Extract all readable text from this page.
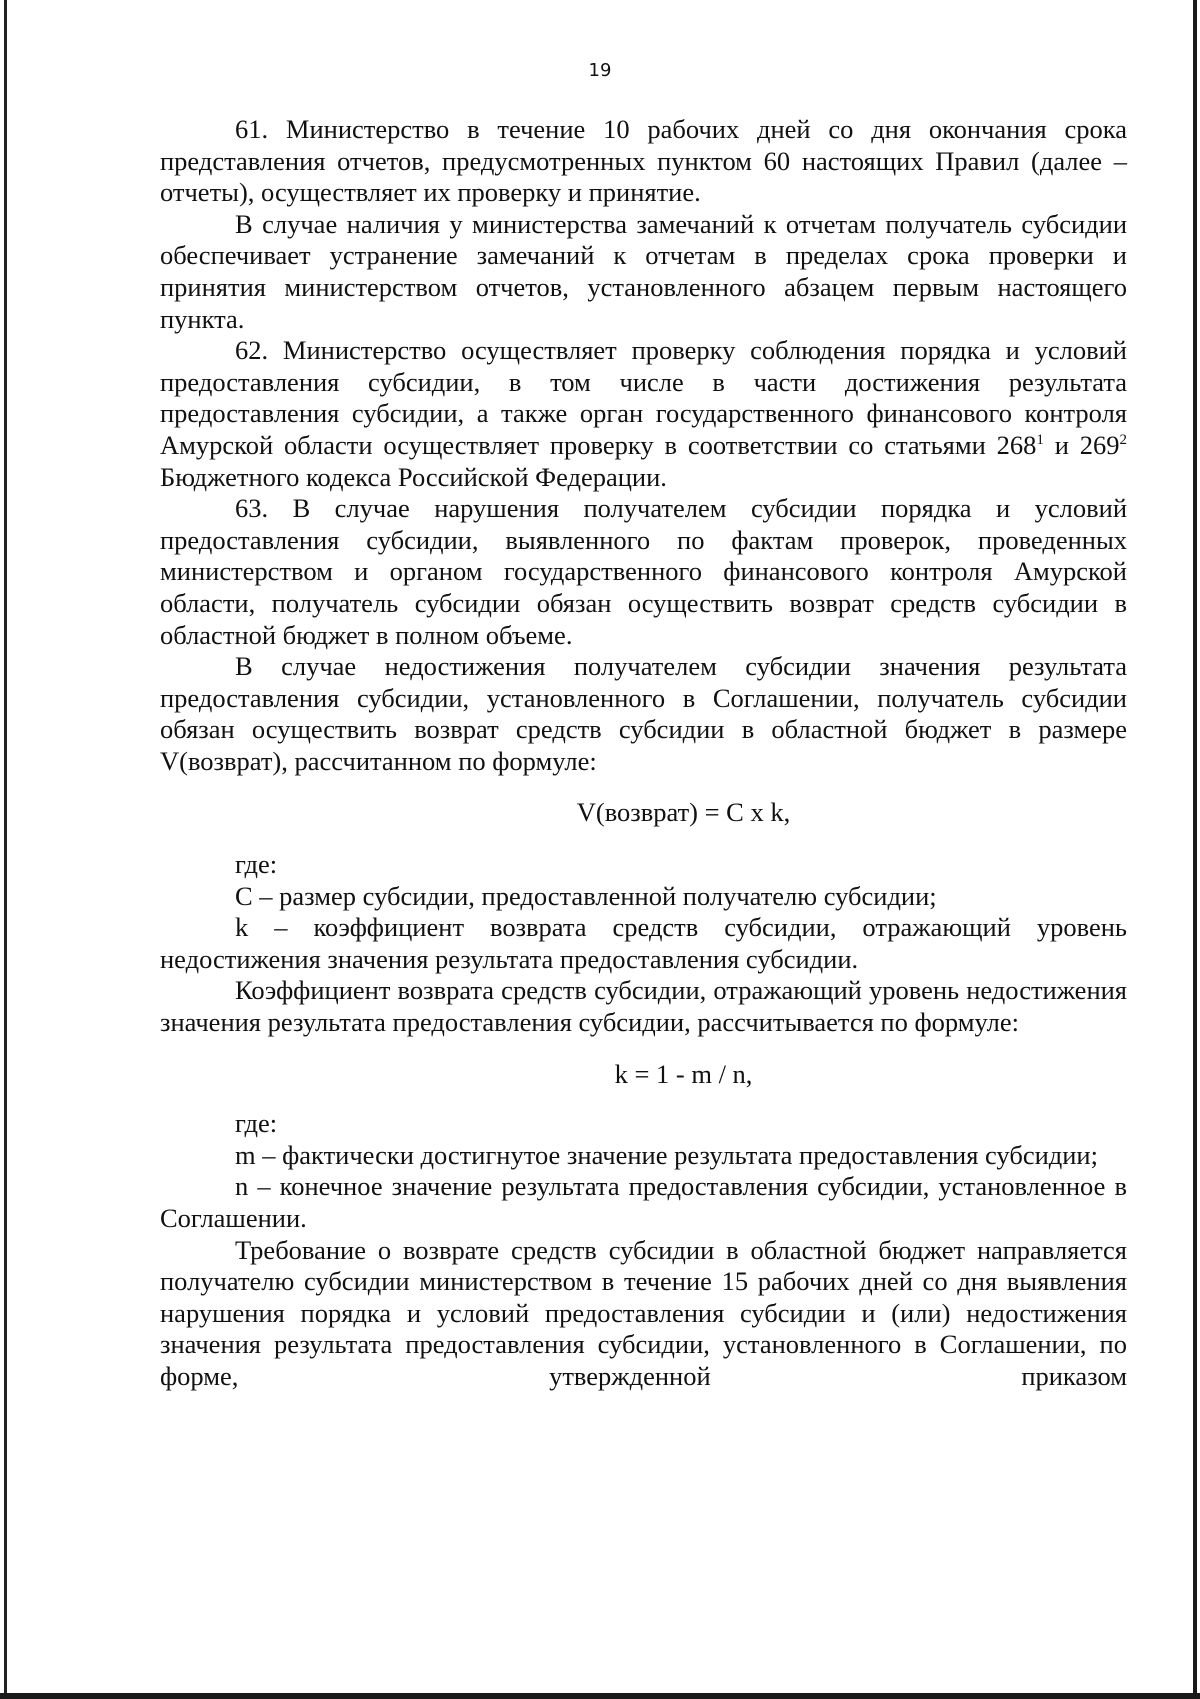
19

61. Министерство в течение 10 рабочих дней со дня окончания срока представления отчетов, предусмотренных пунктом 60 настоящих Правил (далее – отчеты), осуществляет их проверку и принятие.

В случае наличия у министерства замечаний к отчетам получатель субсидии обеспечивает устранение замечаний к отчетам в пределах срока проверки и принятия министерством отчетов, установленного абзацем первым настоящего пункта.

62. Министерство осуществляет проверку соблюдения порядка и условий предоставления субсидии, в том числе в части достижения результата предоставления субсидии, а также орган государственного финансового контроля Амурской области осуществляет проверку в соответствии со статьями $268^1$ и $269^2$ Бюджетного кодекса Российской Федерации.

63. В случае нарушения получателем субсидии порядка и условий предоставления субсидии, выявленного по фактам проверок, проведенных министерством и органом государственного финансового контроля Амурской области, получатель субсидии обязан осуществить возврат средств субсидии в областной бюджет в полном объеме.

В случае недостижения получателем субсидии значения результата предоставления субсидии, установленного в Соглашении, получатель субсидии обязан осуществить возврат средств субсидии в областной бюджет в размере V(возврат), рассчитанном по формуле:

V(возврат) = C x k,

где:

C – размер субсидии, предоставленной получателю субсидии;

k – коэффициент возврата средств субсидии, отражающий уровень недостижения значения результата предоставления субсидии.

Коэффициент возврата средств субсидии, отражающий уровень недостижения значения результата предоставления субсидии, рассчитывается по формуле:

k = 1 - m / n,

где:

m – фактически достигнутое значение результата предоставления субсидии;

n – конечное значение результата предоставления субсидии, установленное в Соглашении.

Требование о возврате средств субсидии в областной бюджет направляется получателю субсидии министерством в течение 15 рабочих дней со дня выявления нарушения порядка и условий предоставления субсидии и (или) недостижения значения результата предоставления субсидии, установленного в Соглашении, по форме, утвержденной приказом
